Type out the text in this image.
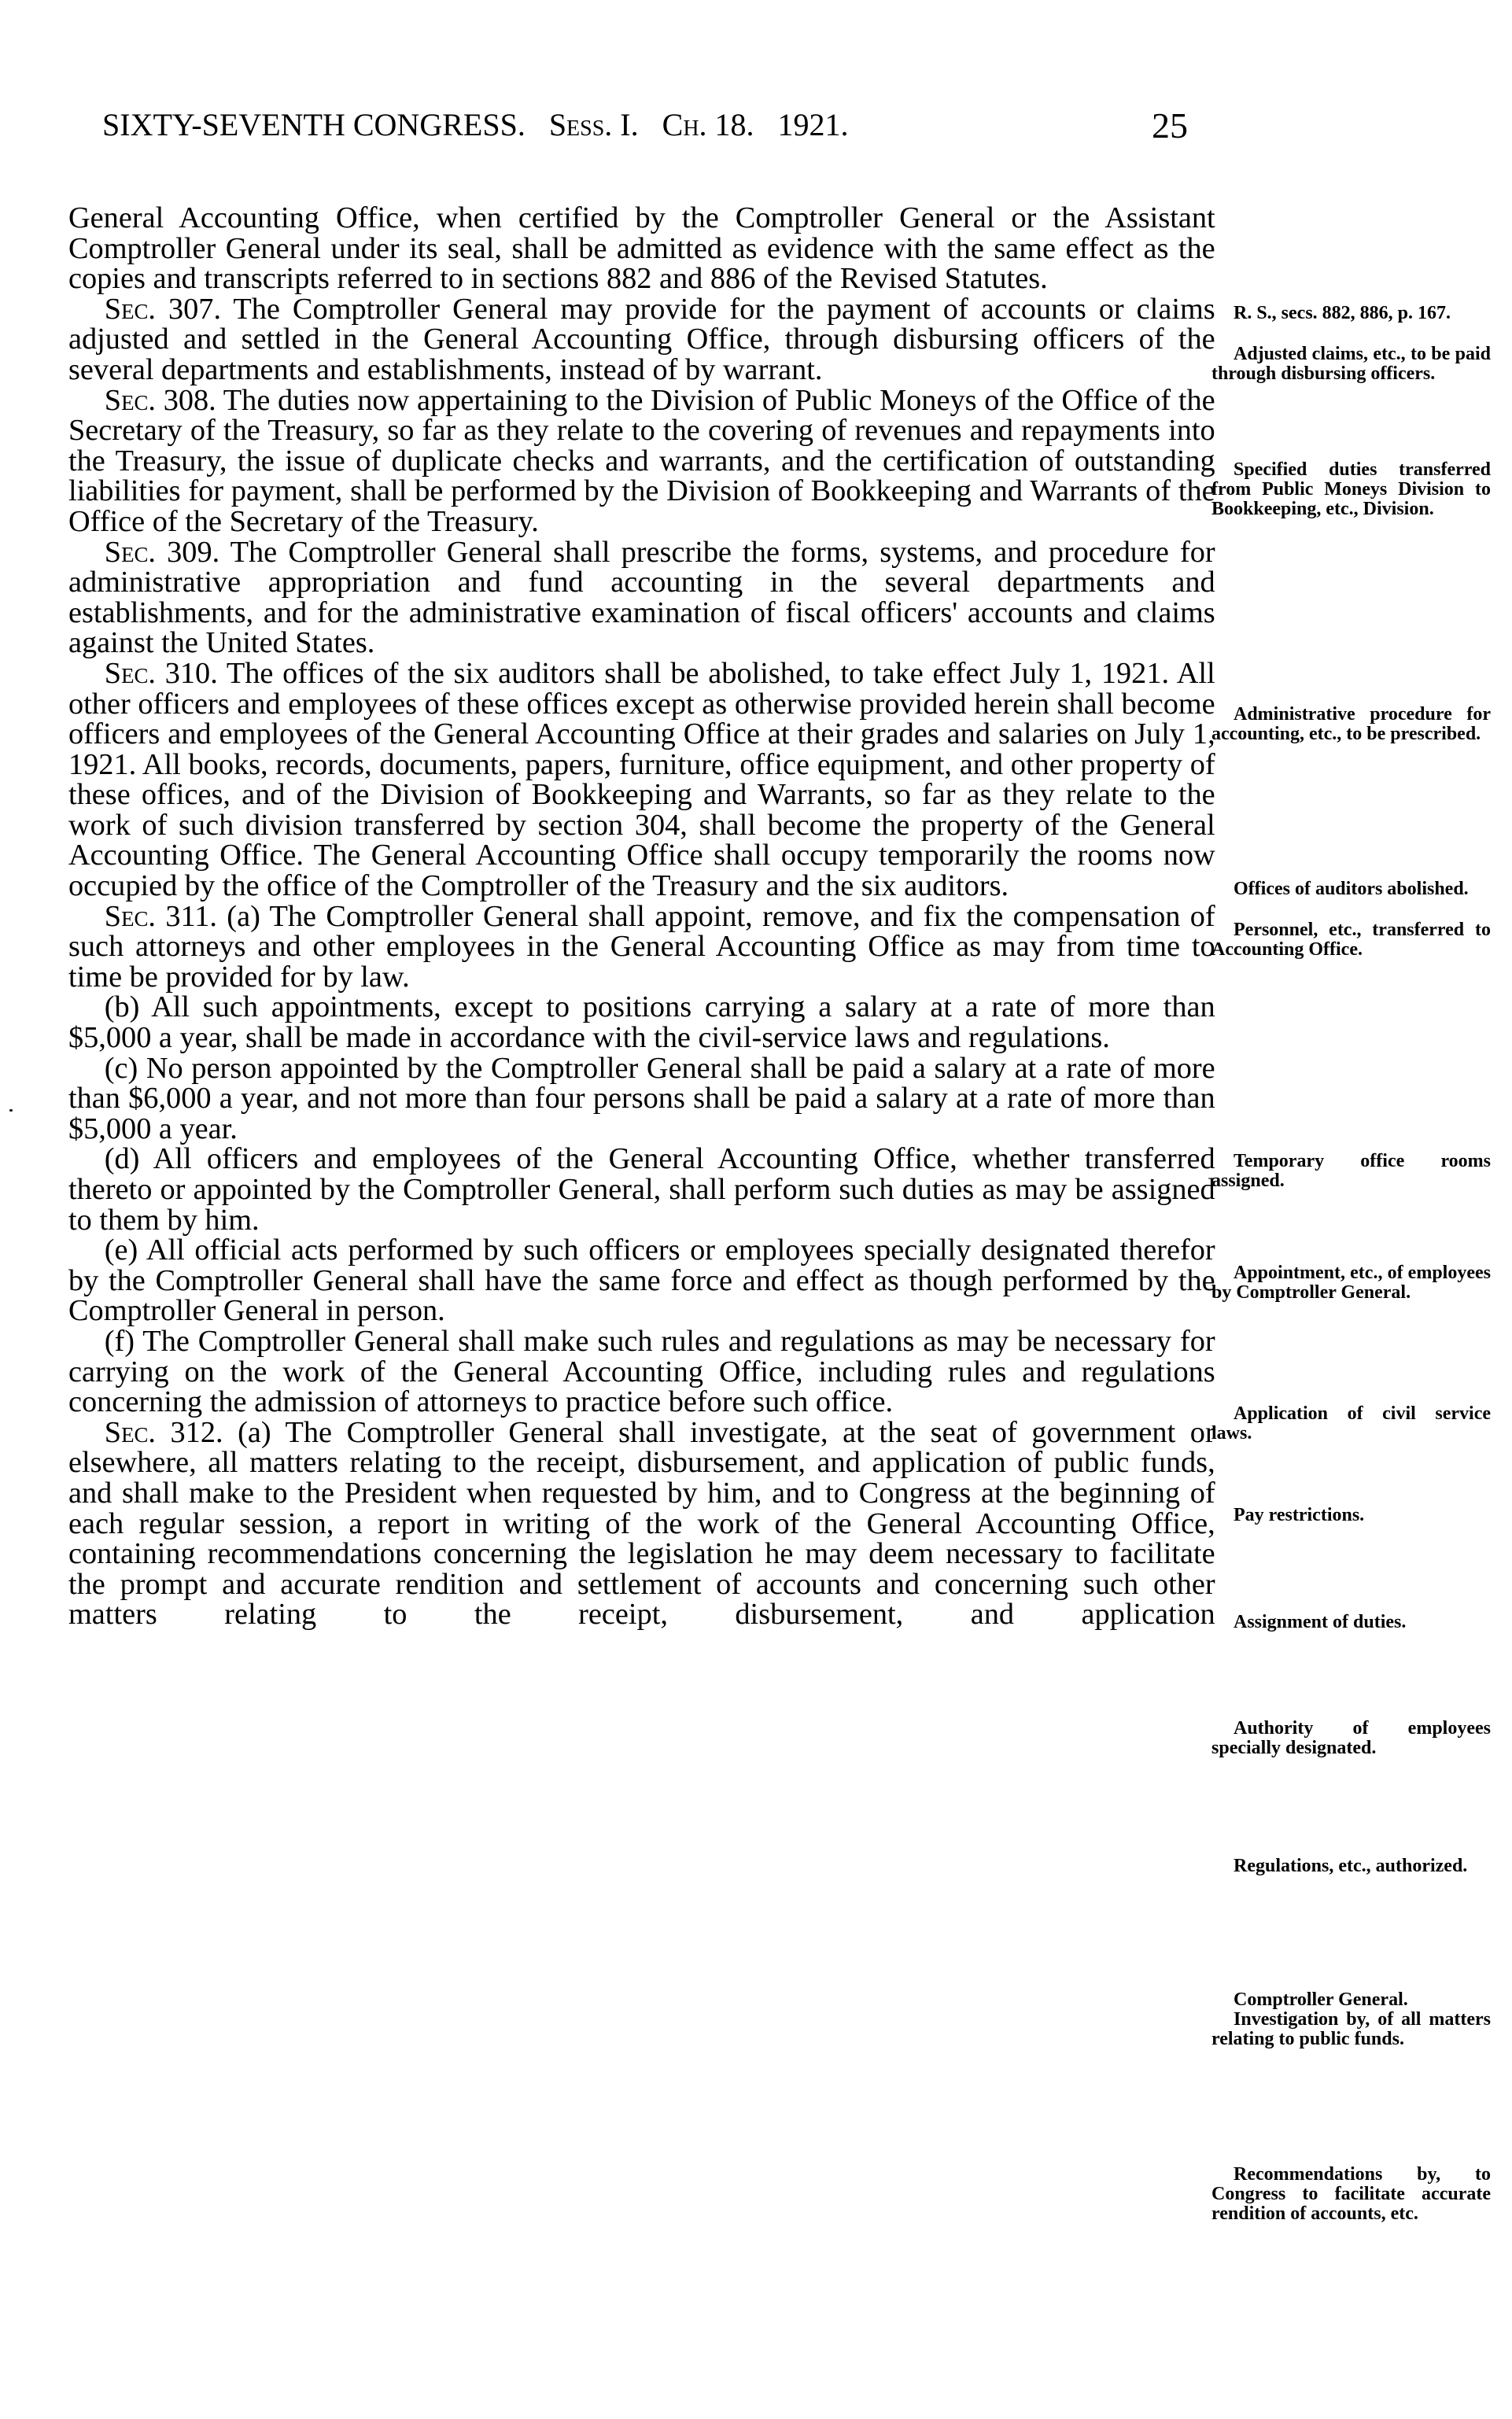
SIXTY-SEVENTH CONGRESS. Sess. I. Ch. 18. 1921.	25

General Accounting Office, when certified by the Comptroller General or the Assistant Comptroller General under its seal, shall be admitted as evidence with the same effect as the copies and transcripts referred to in sections 882 and 886 of the Revised Statutes.

Sec. 307. The Comptroller General may provide for the payment of accounts or claims adjusted and settled in the General Accounting Office, through disbursing officers of the several departments and establishments, instead of by warrant.

Sec. 308. The duties now appertaining to the Division of Public Moneys of the Office of the Secretary of the Treasury, so far as they relate to the covering of revenues and repayments into the Treasury, the issue of duplicate checks and warrants, and the certification of outstanding liabilities for payment, shall be performed by the Division of Bookkeeping and Warrants of the Office of the Secretary of the Treasury.

Sec. 309. The Comptroller General shall prescribe the forms, systems, and procedure for administrative appropriation and fund accounting in the several departments and establishments, and for the administrative examination of fiscal officers' accounts and claims against the United States.

Sec. 310. The offices of the six auditors shall be abolished, to take effect July 1, 1921. All other officers and employees of these offices except as otherwise provided herein shall become officers and employees of the General Accounting Office at their grades and salaries on July 1, 1921. All books, records, documents, papers, furniture, office equipment, and other property of these offices, and of the Division of Bookkeeping and Warrants, so far as they relate to the work of such division transferred by section 304, shall become the property of the General Accounting Office. The General Accounting Office shall occupy temporarily the rooms now occupied by the office of the Comptroller of the Treasury and the six auditors.

Sec. 311. (a) The Comptroller General shall appoint, remove, and fix the compensation of such attorneys and other employees in the General Accounting Office as may from time to time be provided for by law.

(b) All such appointments, except to positions carrying a salary at a rate of more than $5,000 a year, shall be made in accordance with the civil-service laws and regulations.

(c) No person appointed by the Comptroller General shall be paid a salary at a rate of more than $6,000 a year, and not more than four persons shall be paid a salary at a rate of more than $5,000 a year.

(d) All officers and employees of the General Accounting Office, whether transferred thereto or appointed by the Comptroller General, shall perform such duties as may be assigned to them by him.

(e) All official acts performed by such officers or employees specially designated therefor by the Comptroller General shall have the same force and effect as though performed by the Comptroller General in person.

(f) The Comptroller General shall make such rules and regulations as may be necessary for carrying on the work of the General Accounting Office, including rules and regulations concerning the admission of attorneys to practice before such office.

Sec. 312. (a) The Comptroller General shall investigate, at the seat of government or elsewhere, all matters relating to the receipt, disbursement, and application of public funds, and shall make to the President when requested by him, and to Congress at the beginning of each regular session, a report in writing of the work of the General Accounting Office, containing recommendations concerning the legislation he may deem necessary to facilitate the prompt and accurate rendition and settlement of accounts and concerning such other matters relating to the receipt, disbursement, and application

R. S., secs. 882, 886, p. 167.
Adjusted claims, etc., to be paid through disbursing officers.
Specified duties transferred from Public Moneys Division to Bookkeeping, etc., Division.
Administrative procedure for accounting, etc., to be prescribed.
Offices of auditors abolished.
Personnel, etc., transferred to Accounting Office.
Temporary office rooms assigned.
Appointment, etc., of employees by Comptroller General.
Application of civil service laws.
Pay restrictions.
Assignment of duties.
Authority of employees specially designated.
Regulations, etc., authorized.
Comptroller General.
Investigation by, of all matters relating to public funds.
Recommendations by, to Congress to facilitate accurate rendition of accounts, etc.
